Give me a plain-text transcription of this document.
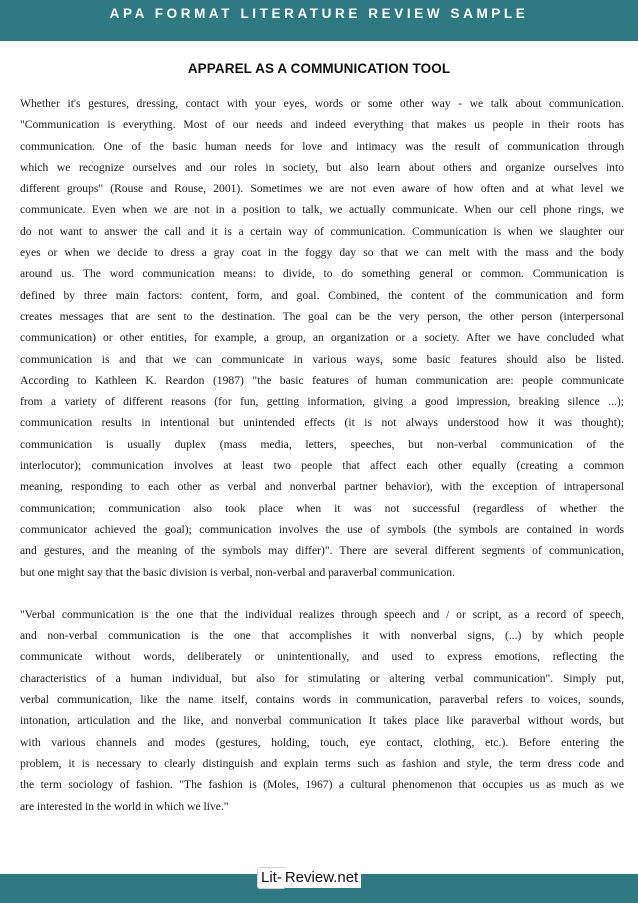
APA FORMAT LITERATURE REVIEW SAMPLE
APPAREL AS A COMMUNICATION TOOL
Whether it's gestures, dressing, contact with your eyes, words or some other way - we talk about communication.
"Communication is everything. Most of our needs and indeed everything that makes us people in their roots has
communication. One of the basic human needs for love and intimacy was the result of communication through
which we recognize ourselves and our roles in society, but also learn about others and organize ourselves into
different groups" (Rouse and Rouse, 2001). Sometimes we are not even aware of how often and at what level we
communicate. Even when we are not in a position to talk, we actually communicate. When our cell phone rings, we
do not want to answer the call and it is a certain way of communication. Communication is when we slaughter our
eyes or when we decide to dress a gray coat in the foggy day so that we can melt with the mass and the body
around us. The word communication means: to divide, to do something general or common. Communication is
defined by three main factors: content, form, and goal. Combined, the content of the communication and form
creates messages that are sent to the destination. The goal can be the very person, the other person (interpersonal
communication) or other entities, for example, a group, an organization or a society. After we have concluded what
communication is and that we can communicate in various ways, some basic features should also be listed.
According to Kathleen K. Reardon (1987) "the basic features of human communication are: people communicate
from a variety of different reasons (for fun, getting information, giving a good impression, breaking silence ...);
communication results in intentional but unintended effects (it is not always understood how it was thought);
communication is usually duplex (mass media, letters, speeches, but non-verbal communication of the
interlocutor); communication involves at least two people that affect each other equally (creating a common
meaning, responding to each other as verbal and nonverbal partner behavior), with the exception of intrapersonal
communication; communication also took place when it was not successful (regardless of whether the
communicator achieved the goal); communication involves the use of symbols (the symbols are contained in words
and gestures, and the meaning of the symbols may differ)". There are several different segments of communication,
but one might say that the basic division is verbal, non-verbal and paraverbal communication.
"Verbal communication is the one that the individual realizes through speech and / or script, as a record of speech,
and non-verbal communication is the one that accomplishes it with nonverbal signs, (...) by which people
communicate without words, deliberately or unintentionally, and used to express emotions, reflecting the
characteristics of a human individual, but also for stimulating or altering verbal communication". Simply put,
verbal communication, like the name itself, contains words in communication, paraverbal refers to voices, sounds,
intonation, articulation and the like, and nonverbal communication It takes place like paraverbal without words, but
with various channels and modes (gestures, holding, touch, eye contact, clothing, etc.). Before entering the
problem, it is necessary to clearly distinguish and explain terms such as fashion and style, the term dress code and
the term sociology of fashion. "The fashion is (Moles, 1967) a cultural phenomenon that occupies us as much as we
are interested in the world in which we live."
Lit- Review.net
